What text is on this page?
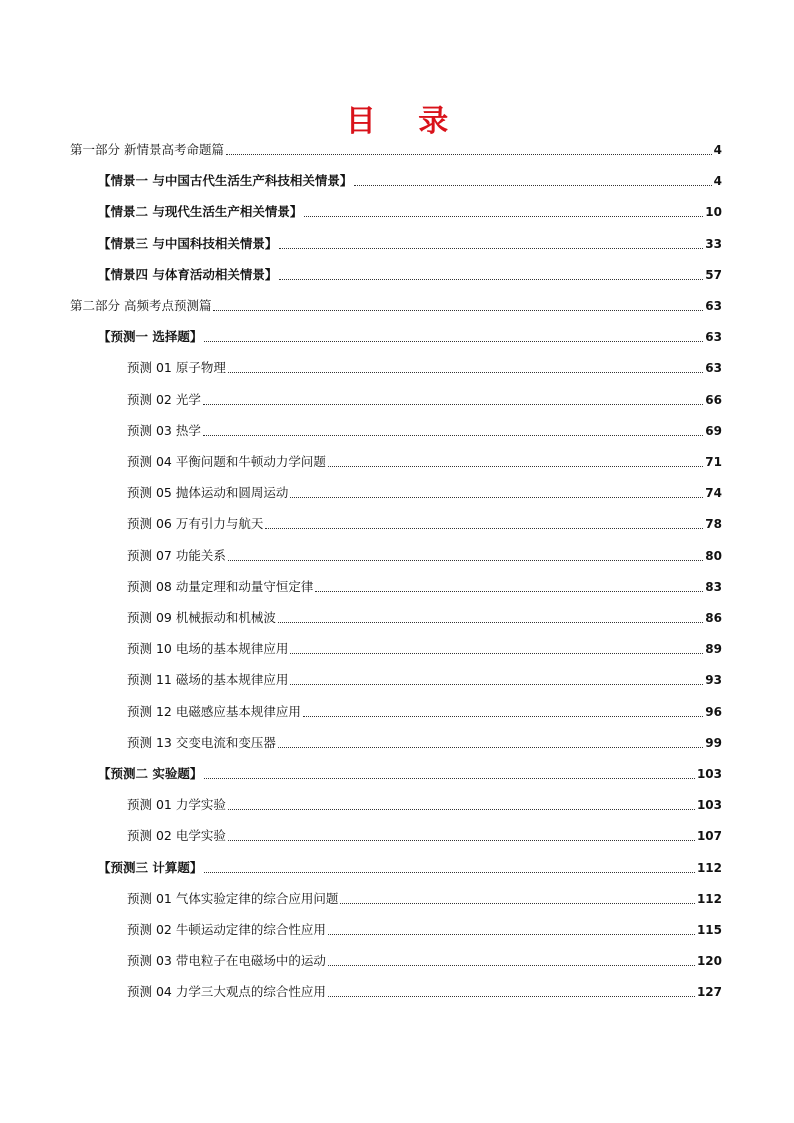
目 录
第一部分 新情景高考命题篇	4
【情景一 与中国古代生活生产科技相关情景】	4
【情景二 与现代生活生产相关情景】	10
【情景三 与中国科技相关情景】	33
【情景四 与体育活动相关情景】	57
第二部分 高频考点预测篇	63
【预测一 选择题】	63
预测 01 原子物理	63
预测 02 光学	66
预测 03 热学	69
预测 04 平衡问题和牛顿动力学问题	71
预测 05 抛体运动和圆周运动	74
预测 06 万有引力与航天	78
预测 07 功能关系	80
预测 08 动量定理和动量守恒定律	83
预测 09 机械振动和机械波	86
预测 10 电场的基本规律应用	89
预测 11 磁场的基本规律应用	93
预测 12 电磁感应基本规律应用	96
预测 13 交变电流和变压器	99
【预测二 实验题】	103
预测 01 力学实验	103
预测 02 电学实验	107
【预测三 计算题】	112
预测 01 气体实验定律的综合应用问题	112
预测 02 牛顿运动定律的综合性应用	115
预测 03 带电粒子在电磁场中的运动	120
预测 04 力学三大观点的综合性应用	127
